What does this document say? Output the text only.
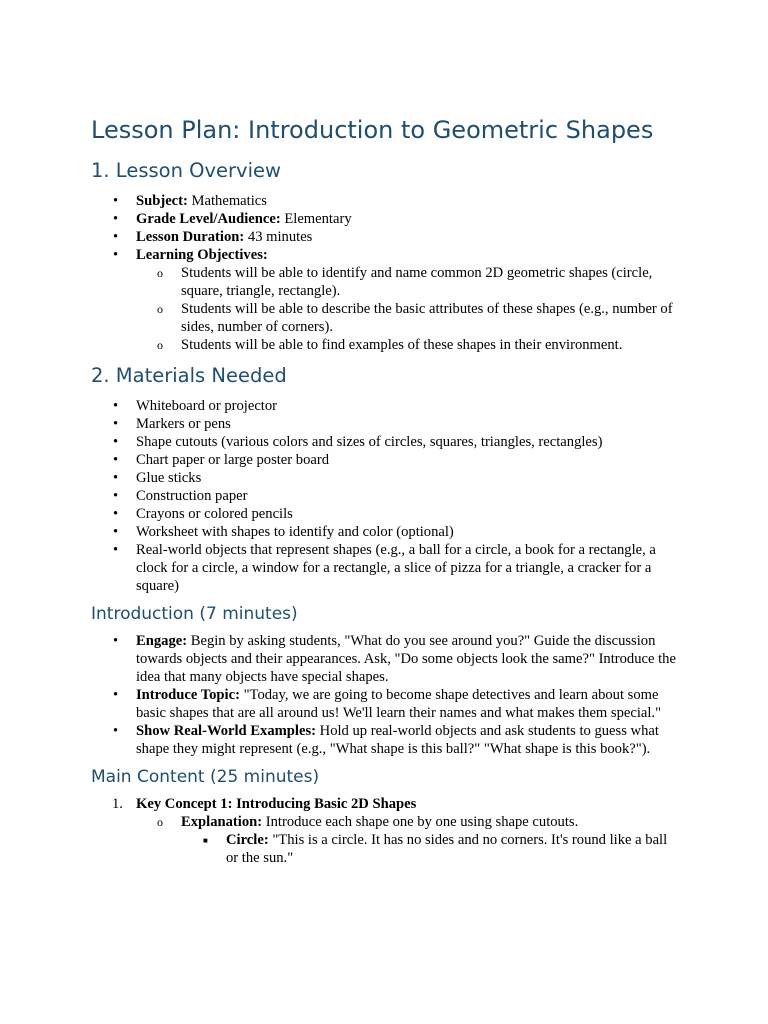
Lesson Plan: Introduction to Geometric Shapes
1. Lesson Overview
• Subject: Mathematics
• Grade Level/Audience: Elementary
• Lesson Duration: 43 minutes
• Learning Objectives:
o Students will be able to identify and name common 2D geometric shapes (circle, square, triangle, rectangle).
o Students will be able to describe the basic attributes of these shapes (e.g., number of sides, number of corners).
o Students will be able to find examples of these shapes in their environment.
2. Materials Needed
• Whiteboard or projector
• Markers or pens
• Shape cutouts (various colors and sizes of circles, squares, triangles, rectangles)
• Chart paper or large poster board
• Glue sticks
• Construction paper
• Crayons or colored pencils
• Worksheet with shapes to identify and color (optional)
• Real-world objects that represent shapes (e.g., a ball for a circle, a book for a rectangle, a clock for a circle, a window for a rectangle, a slice of pizza for a triangle, a cracker for a square)
Introduction (7 minutes)
• Engage: Begin by asking students, "What do you see around you?" Guide the discussion towards objects and their appearances. Ask, "Do some objects look the same?" Introduce the idea that many objects have special shapes.
• Introduce Topic: "Today, we are going to become shape detectives and learn about some basic shapes that are all around us! We'll learn their names and what makes them special."
• Show Real-World Examples: Hold up real-world objects and ask students to guess what shape they might represent (e.g., "What shape is this ball?" "What shape is this book?").
Main Content (25 minutes)
1. Key Concept 1: Introducing Basic 2D Shapes
o Explanation: Introduce each shape one by one using shape cutouts.
■ Circle: "This is a circle. It has no sides and no corners. It's round like a ball or the sun."
